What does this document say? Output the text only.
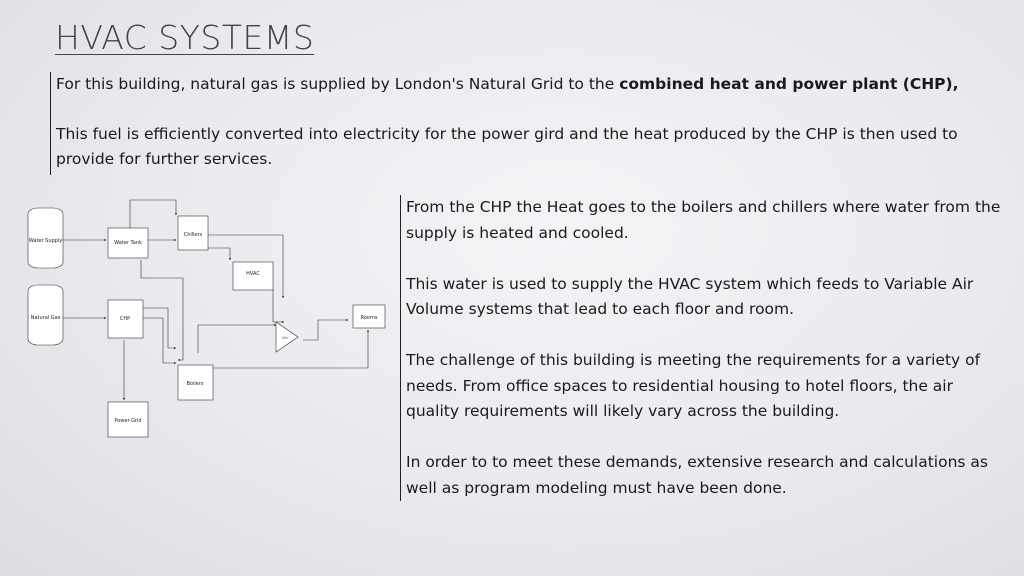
HVAC SYSTEMS

For this building, natural gas is supplied by London's Natural Grid to the combined heat and power plant (CHP),

This fuel is efficiently converted into electricity for the power gird and the heat produced by the CHP is then used to provide for further services.

Water Supply
Natural Gas
Water Tank
Chillers
HVAC
CHP	Rooms
Boilers
Power Grid
VAV

From the CHP the Heat goes to the boilers and chillers where water from the supply is heated and cooled.

This water is used to supply the HVAC system which feeds to Variable Air Volume systems that lead to each floor and room.

The challenge of this building is meeting the requirements for a variety of needs. From office spaces to residential housing to hotel floors, the air quality requirements will likely vary across the building.

In order to to meet these demands, extensive research and calculations as well as program modeling must have been done.
